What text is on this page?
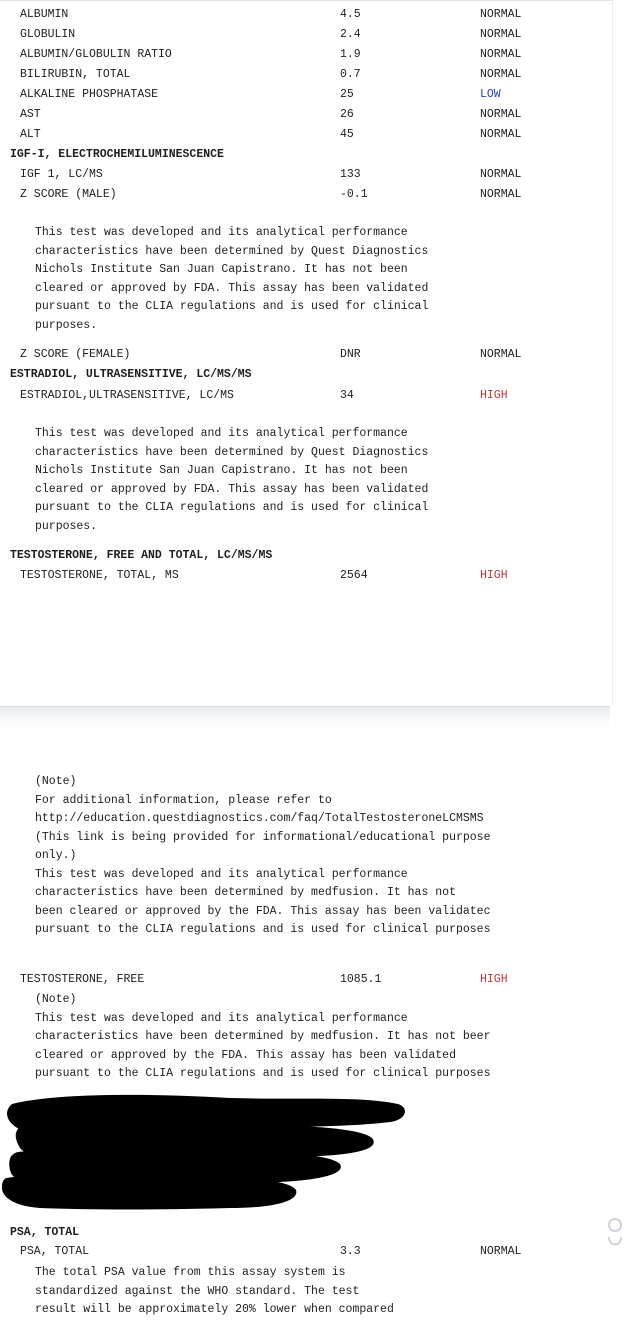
ALBUMIN	4.5	NORMAL
GLOBULIN	2.4	NORMAL
ALBUMIN/GLOBULIN RATIO	1.9	NORMAL
BILIRUBIN, TOTAL	0.7	NORMAL
ALKALINE PHOSPHATASE	25	LOW
AST	26	NORMAL
ALT	45	NORMAL
IGF-I, ELECTROCHEMILUMINESCENCE
IGF 1, LC/MS	133	NORMAL
Z SCORE (MALE)	-0.1	NORMAL
This test was developed and its analytical performance
characteristics have been determined by Quest Diagnostics
Nichols Institute San Juan Capistrano. It has not been
cleared or approved by FDA. This assay has been validated
pursuant to the CLIA regulations and is used for clinical
purposes.
Z SCORE (FEMALE)	DNR	NORMAL
ESTRADIOL, ULTRASENSITIVE, LC/MS/MS
ESTRADIOL,ULTRASENSITIVE, LC/MS	34	HIGH
This test was developed and its analytical performance
characteristics have been determined by Quest Diagnostics
Nichols Institute San Juan Capistrano. It has not been
cleared or approved by FDA. This assay has been validated
pursuant to the CLIA regulations and is used for clinical
purposes.
TESTOSTERONE, FREE AND TOTAL, LC/MS/MS
TESTOSTERONE, TOTAL, MS	2564	HIGH
(Note)
For additional information, please refer to
http://education.questdiagnostics.com/faq/TotalTestosteroneLCMSMS
(This link is being provided for informational/educational purpose
only.)
This test was developed and its analytical performance
characteristics have been determined by medfusion. It has not
been cleared or approved by the FDA. This assay has been validatec
pursuant to the CLIA regulations and is used for clinical purposes
TESTOSTERONE, FREE	1085.1	HIGH
(Note)
This test was developed and its analytical performance
characteristics have been determined by medfusion. It has not beer
cleared or approved by the FDA. This assay has been validated
pursuant to the CLIA regulations and is used for clinical purposes
PSA, TOTAL
PSA, TOTAL	3.3	NORMAL
The total PSA value from this assay system is
standardized against the WHO standard. The test
result will be approximately 20% lower when compared
